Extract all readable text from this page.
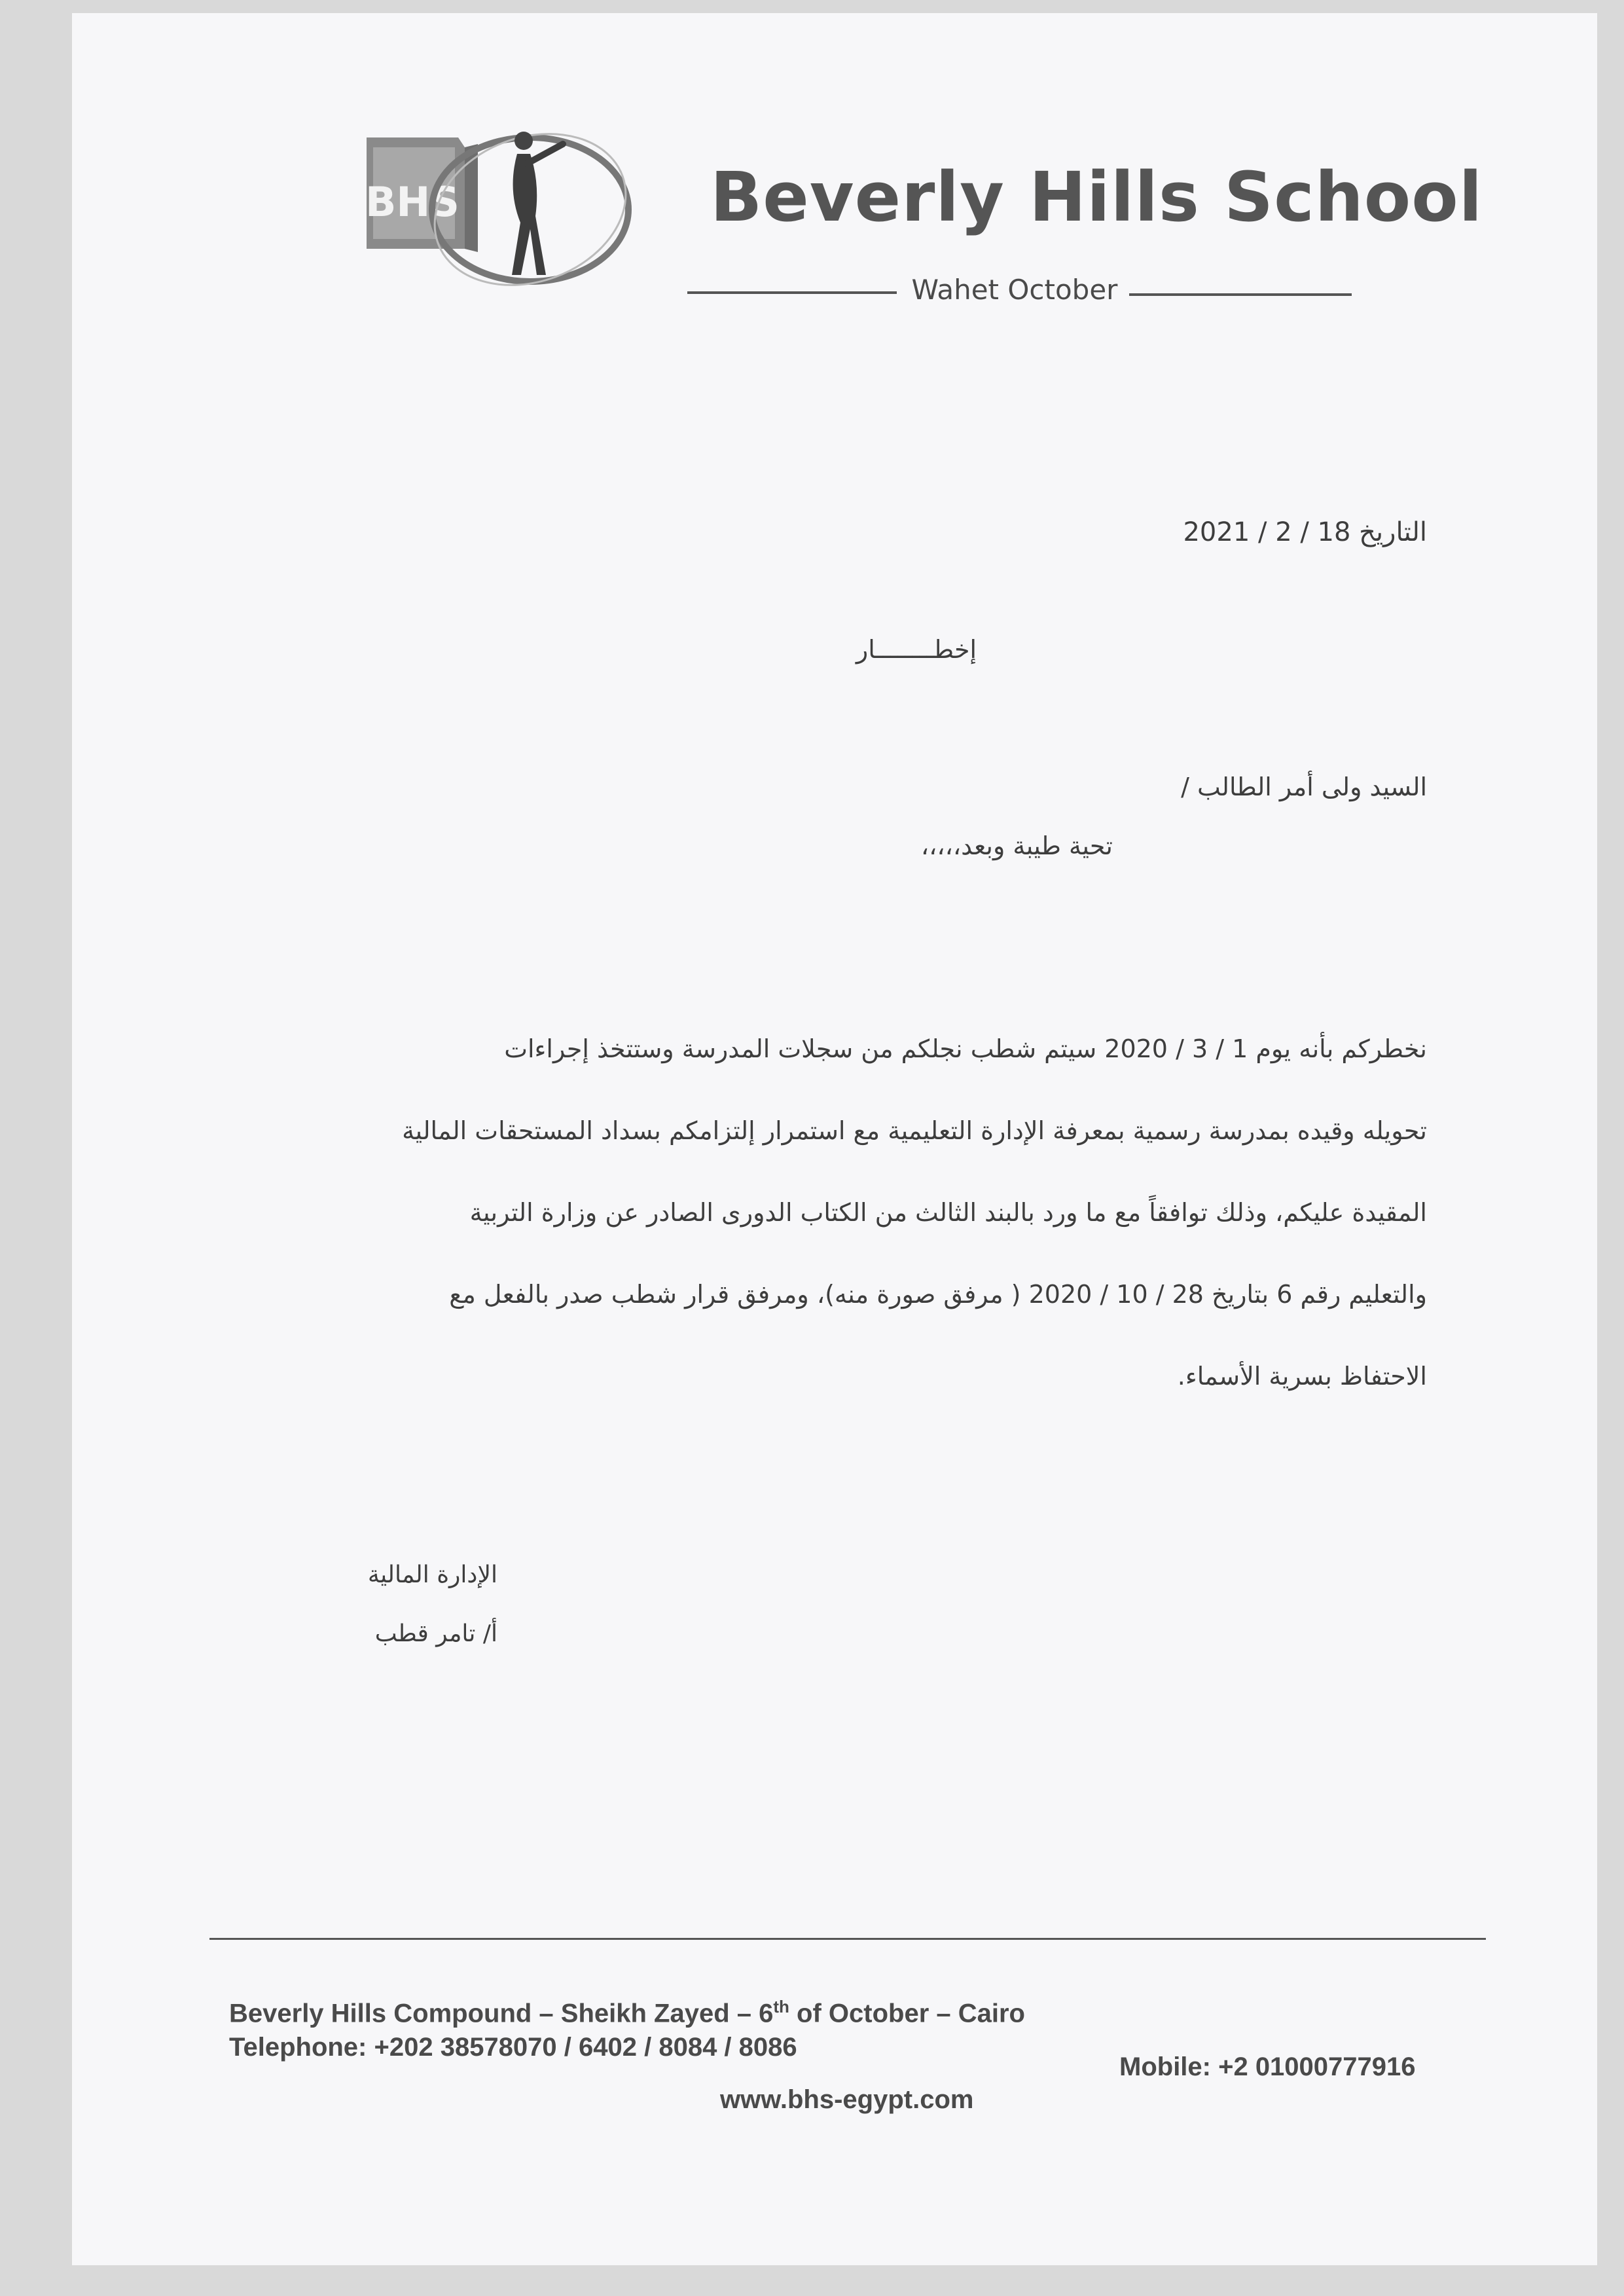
BHS	Beverly Hills School
Wahet October
التاريخ 18 / 2 / 2021
إخطــــــــار
السيد ولى أمر الطالب /
تحية طيبة وبعد،،،،،
نخطركم بأنه يوم 1 / 3 / 2020 سيتم شطب نجلكم من سجلات المدرسة وستتخذ إجراءات
تحويله وقيده بمدرسة رسمية بمعرفة الإدارة التعليمية مع استمرار إلتزامكم بسداد المستحقات المالية
المقيدة عليكم، وذلك توافقاً مع ما ورد بالبند الثالث من الكتاب الدورى الصادر عن وزارة التربية
والتعليم رقم 6 بتاريخ 28 / 10 / 2020 ( مرفق صورة منه)، ومرفق قرار شطب صدر بالفعل مع
الاحتفاظ بسرية الأسماء.
الإدارة المالية
أ/ تامر قطب
Beverly Hills Compound – Sheikh Zayed – 6th of October – Cairo
Telephone: +202 38578070 / 6402 / 8084 / 8086
Mobile: +2 01000777916
www.bhs-egypt.com
